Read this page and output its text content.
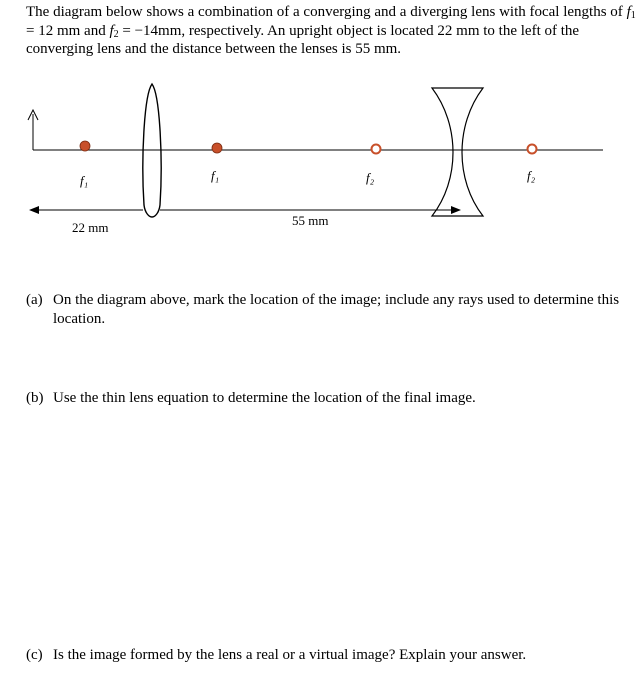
The diagram below shows a combination of a converging and a diverging lens with focal lengths of $f_1 = 12$ mm and $f_2 = -14mm$, respectively. An upright object is located 22 mm to the left of the converging lens and the distance between the lenses is 55 mm.
f₁	f₁	f₂	f₂
22 mm	55 mm
(a) On the diagram above, mark the location of the image; include any rays used to determine this location.
(b) Use the thin lens equation to determine the location of the final image.
(c) Is the image formed by the lens a real or a virtual image? Explain your answer.
